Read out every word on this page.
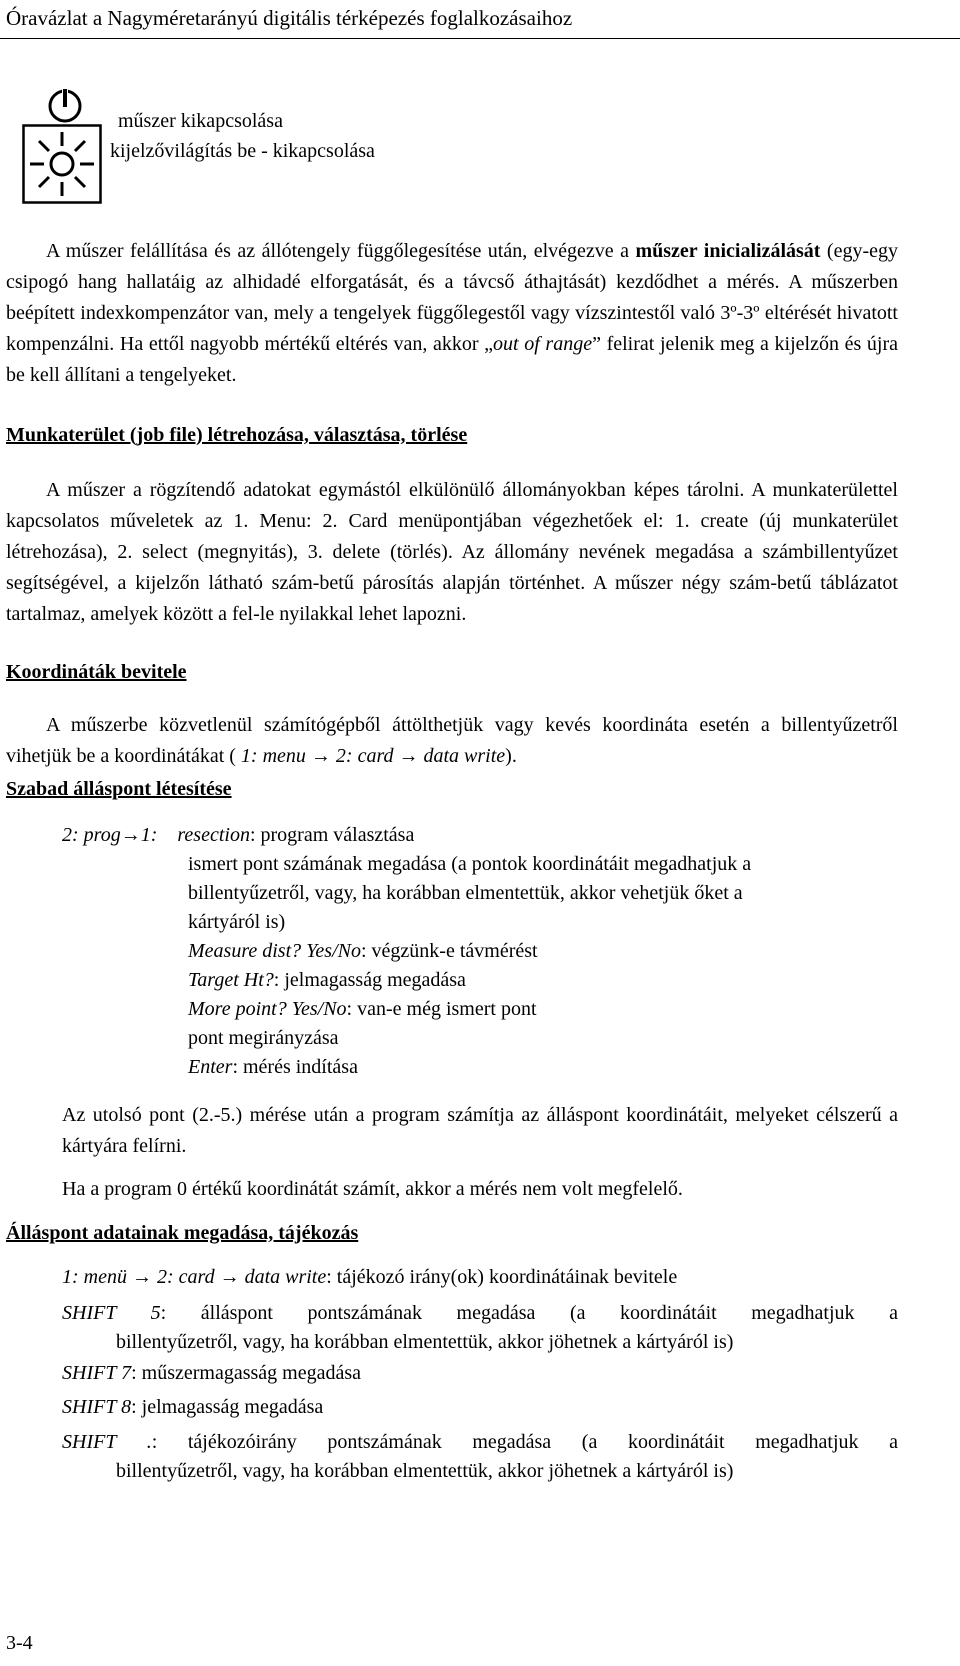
Óravázlat a Nagyméretarányú digitális térképezés foglalkozásaihoz
műszer kikapcsolása
kijelzővilágítás be - kikapcsolása
A műszer felállítása és az állótengely függőlegesítése után, elvégezve a műszer inicializálását (egy-egy csipogó hang hallatáig az alhidadé elforgatását, és a távcső áthajtását) kezdődhet a mérés. A műszerben beépített indexkompenzátor van, mely a tengelyek függőlegestől vagy vízszintestől való 3º-3º eltérését hivatott kompenzálni. Ha ettől nagyobb mértékű eltérés van, akkor „out of range” felirat jelenik meg a kijelzőn és újra be kell állítani a tengelyeket.
Munkaterület (job file) létrehozása, választása, törlése
A műszer a rögzítendő adatokat egymástól elkülönülő állományokban képes tárolni. A munkaterülettel kapcsolatos műveletek az 1. Menu: 2. Card menüpontjában végezhetőek el: 1. create (új munkaterület létrehozása), 2. select (megnyitás), 3. delete (törlés). Az állomány nevének megadása a számbillentyűzet segítségével, a kijelzőn látható szám-betű párosítás alapján történhet. A műszer négy szám-betű táblázatot tartalmaz, amelyek között a fel-le nyilakkal lehet lapozni.
Koordináták bevitele
A műszerbe közvetlenül számítógépből áttölthetjük vagy kevés koordináta esetén a billentyűzetről vihetjük be a koordinátákat ( 1: menu → 2: card → data write).
Szabad álláspont létesítése
2: prog→1: resection: program választása
ismert pont számának megadása (a pontok koordinátáit megadhatjuk a
billentyűzetről, vagy, ha korábban elmentettük, akkor vehetjük őket a
kártyáról is)
Measure dist? Yes/No: végzünk-e távmérést
Target Ht?: jelmagasság megadása
More point? Yes/No: van-e még ismert pont
pont megirányzása
Enter: mérés indítása
Az utolsó pont (2.-5.) mérése után a program számítja az álláspont koordinátáit, melyeket célszerű a kártyára felírni.
Ha a program 0 értékű koordinátát számít, akkor a mérés nem volt megfelelő.
Álláspont adatainak megadása, tájékozás
1: menü → 2: card → data write: tájékozó irány(ok) koordinátáinak bevitele
SHIFT 5: álláspont pontszámának megadása (a koordinátáit megadhatjuk a
billentyűzetről, vagy, ha korábban elmentettük, akkor jöhetnek a kártyáról is)
SHIFT 7: műszermagasság megadása
SHIFT 8: jelmagasság megadása
SHIFT .: tájékozóirány pontszámának megadása (a koordinátáit megadhatjuk a
billentyűzetről, vagy, ha korábban elmentettük, akkor jöhetnek a kártyáról is)
3-4
